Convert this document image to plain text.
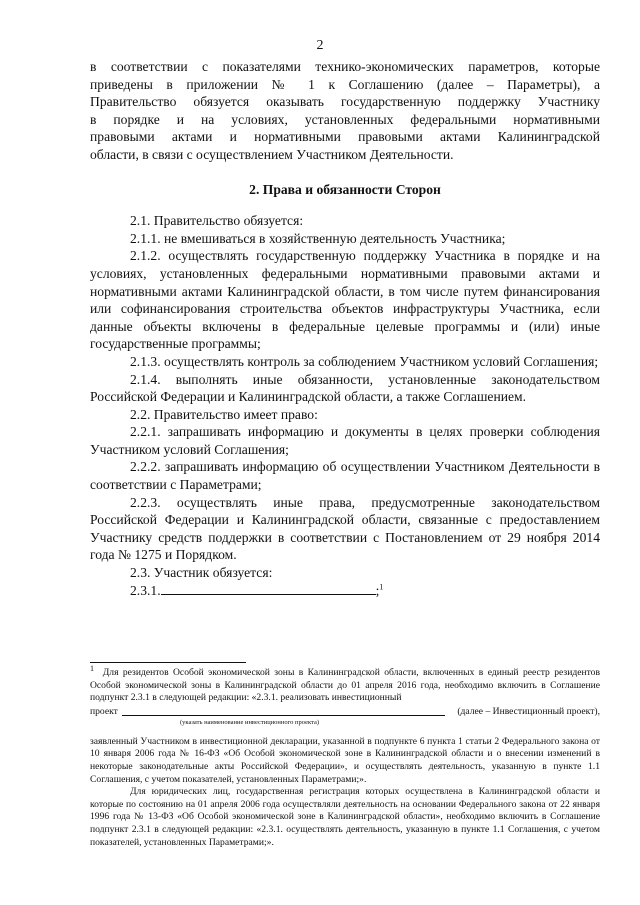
2

в соответствии с показателями технико-экономических параметров, которые

приведены в приложении № 1 к Соглашению (далее – Параметры), а

Правительство обязуется оказывать государственную поддержку Участнику

в порядке и на условиях, установленных федеральными нормативными

правовыми актами и нормативными правовыми актами Калининградской

области, в связи с осуществлением Участником Деятельности.

2. Права и обязанности Сторон

2.1. Правительство обязуется:

2.1.1. не вмешиваться в хозяйственную деятельность Участника;

2.1.2. осуществлять государственную поддержку Участника в порядке и на условиях, установленных федеральными нормативными правовыми актами и нормативными актами Калининградской области, в том числе путем финансирования или софинансирования строительства объектов инфраструктуры Участника, если данные объекты включены в федеральные целевые программы и (или) иные государственные программы;

2.1.3. осуществлять контроль за соблюдением Участником условий Соглашения;

2.1.4. выполнять иные обязанности, установленные законодательством Российской Федерации и Калининградской области, а также Соглашением.

2.2. Правительство имеет право:

2.2.1. запрашивать информацию и документы в целях проверки соблюдения Участником условий Соглашения;

2.2.2. запрашивать информацию об осуществлении Участником Деятельности в соответствии с Параметрами;

2.2.3. осуществлять иные права, предусмотренные законодательством Российской Федерации и Калининградской области, связанные с предоставлением Участнику средств поддержки в соответствии с Постановлением от 29 ноября 2014 года № 1275 и Порядком.

2.3. Участник обязуется:

2.3.1.	;$^1$

$^1$ Для резидентов Особой экономической зоны в Калининградской области, включенных в единый реестр резидентов Особой экономической зоны в Калининградской области до 01 апреля 2016 года, необходимо включить в Соглашение подпункт 2.3.1 в следующей редакции: «2.3.1. реализовать инвестиционный

проект	(далее – Инвестиционный проект),

(указать наименование инвестиционного проекта)

заявленный Участником в инвестиционной декларации, указанной в подпункте 6 пункта 1 статьи 2 Федерального закона от 10 января 2006 года № 16-ФЗ «Об Особой экономической зоне в Калининградской области и о внесении изменений в некоторые законодательные акты Российской Федерации», и осуществлять деятельность, указанную в пункте 1.1 Соглашения, с учетом показателей, установленных Параметрами;».

Для юридических лиц, государственная регистрация которых осуществлена в Калининградской области и которые по состоянию на 01 апреля 2006 года осуществляли деятельность на основании Федерального закона от 22 января 1996 года № 13-ФЗ «Об Особой экономической зоне в Калининградской области», необходимо включить в Соглашение подпункт 2.3.1 в следующей редакции: «2.3.1. осуществлять деятельность, указанную в пункте 1.1 Соглашения, с учетом показателей, установленных Параметрами;».
